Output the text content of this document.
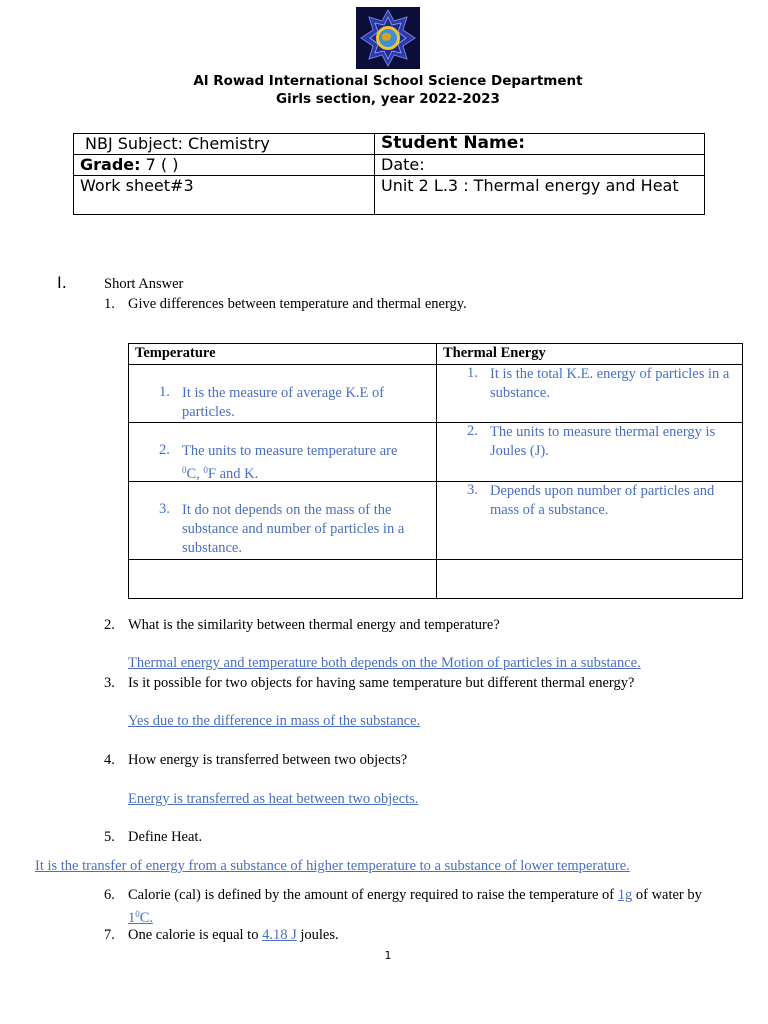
Al Rowad International School Science Department
Girls section, year 2022-2023
NBJ Subject: Chemistry	Student Name:
Grade: 7 ( )	Date:
Work sheet#3	Unit 2 L.3 : Thermal energy and Heat
I.	Short Answer
1. Give differences between temperature and thermal energy.
Temperature	Thermal Energy

1. It is the measure of average K.E of particles.	1. It is the total K.E. energy of particles in a substance.

2. The units to measure temperature are
$^0$C, $^0$F and K.	2. The units to measure thermal energy is Joules (J).

3. It do not depends on the mass of the substance and number of particles in a substance.	3. Depends upon number of particles and mass of a substance.

2. What is the similarity between thermal energy and temperature?
Thermal energy and temperature both depends on the Motion of particles in a substance.
3. Is it possible for two objects for having same temperature but different thermal energy?
Yes due to the difference in mass of the substance.
4. How energy is transferred between two objects?
Energy is transferred as heat between two objects.
5. Define Heat.
It is the transfer of energy from a substance of higher temperature to a substance of lower temperature.
6. Calorie (cal) is defined by the amount of energy required to raise the temperature of 1g of water by
$1^0C$.
7. One calorie is equal to 4.18 J joules.
1
